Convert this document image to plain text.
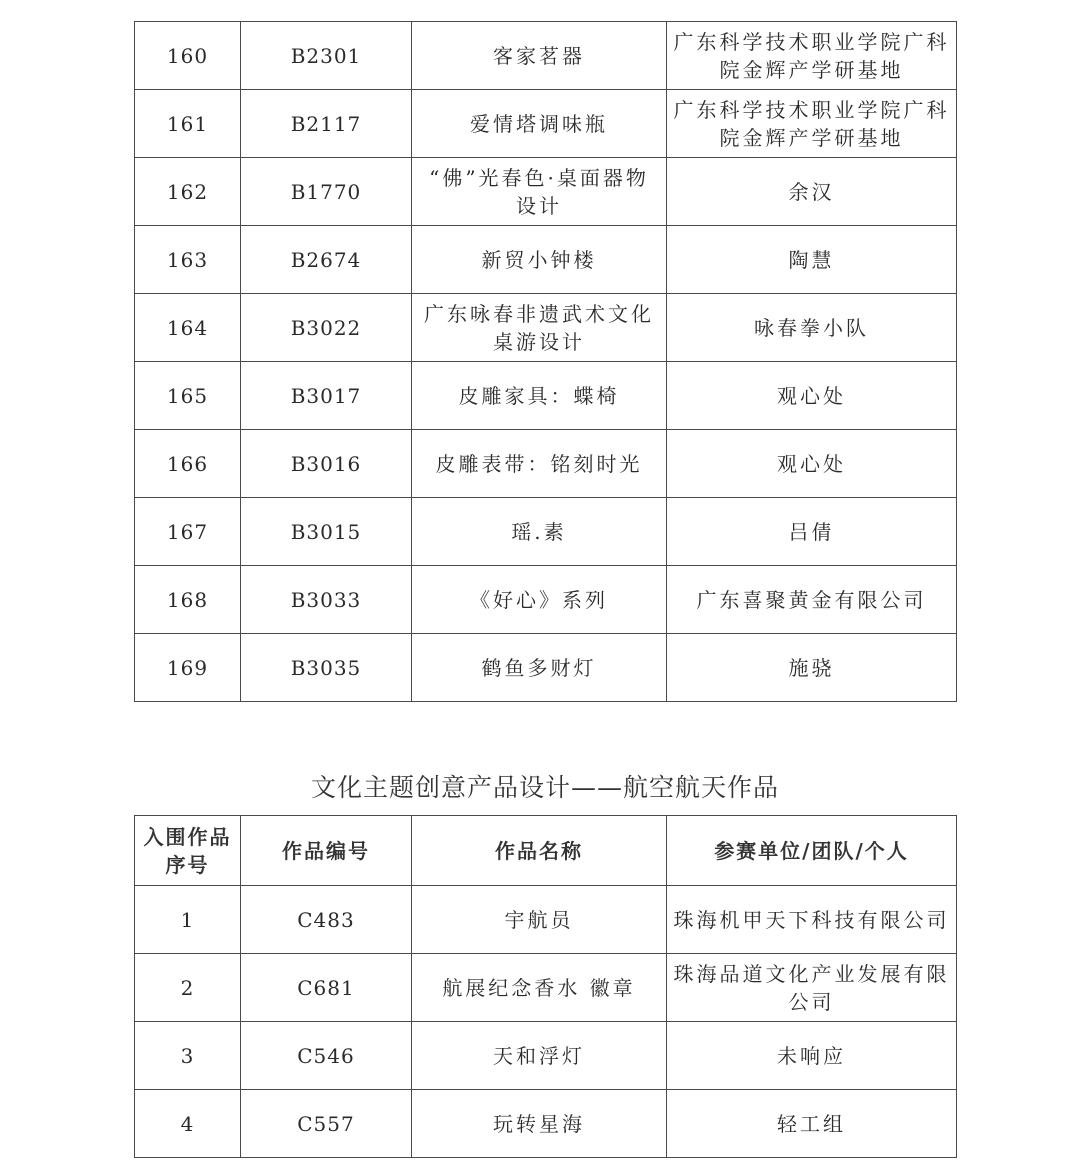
160	B2301	客家茗器	广东科学技术职业学院广科院金辉产学研基地
161	B2117	爱情塔调味瓶	广东科学技术职业学院广科院金辉产学研基地
162	B1770	“佛”光春色·桌面器物设计	余汉
163	B2674	新贸小钟楼	陶慧
164	B3022	广东咏春非遗武术文化桌游设计	咏春拳小队
165	B3017	皮雕家具：蝶椅	观心处
166	B3016	皮雕表带：铭刻时光	观心处
167	B3015	瑶.素	吕倩
168	B3033	《好心》系列	广东喜聚黄金有限公司
169	B3035	鹤鱼多财灯	施骁
文化主题创意产品设计——航空航天作品
入围作品序号	作品编号	作品名称	参赛单位/团队/个人
1	C483	宇航员	珠海机甲天下科技有限公司
2	C681	航展纪念香水 徽章	珠海品道文化产业发展有限公司
3	C546	天和浮灯	未响应
4	C557	玩转星海	轻工组
